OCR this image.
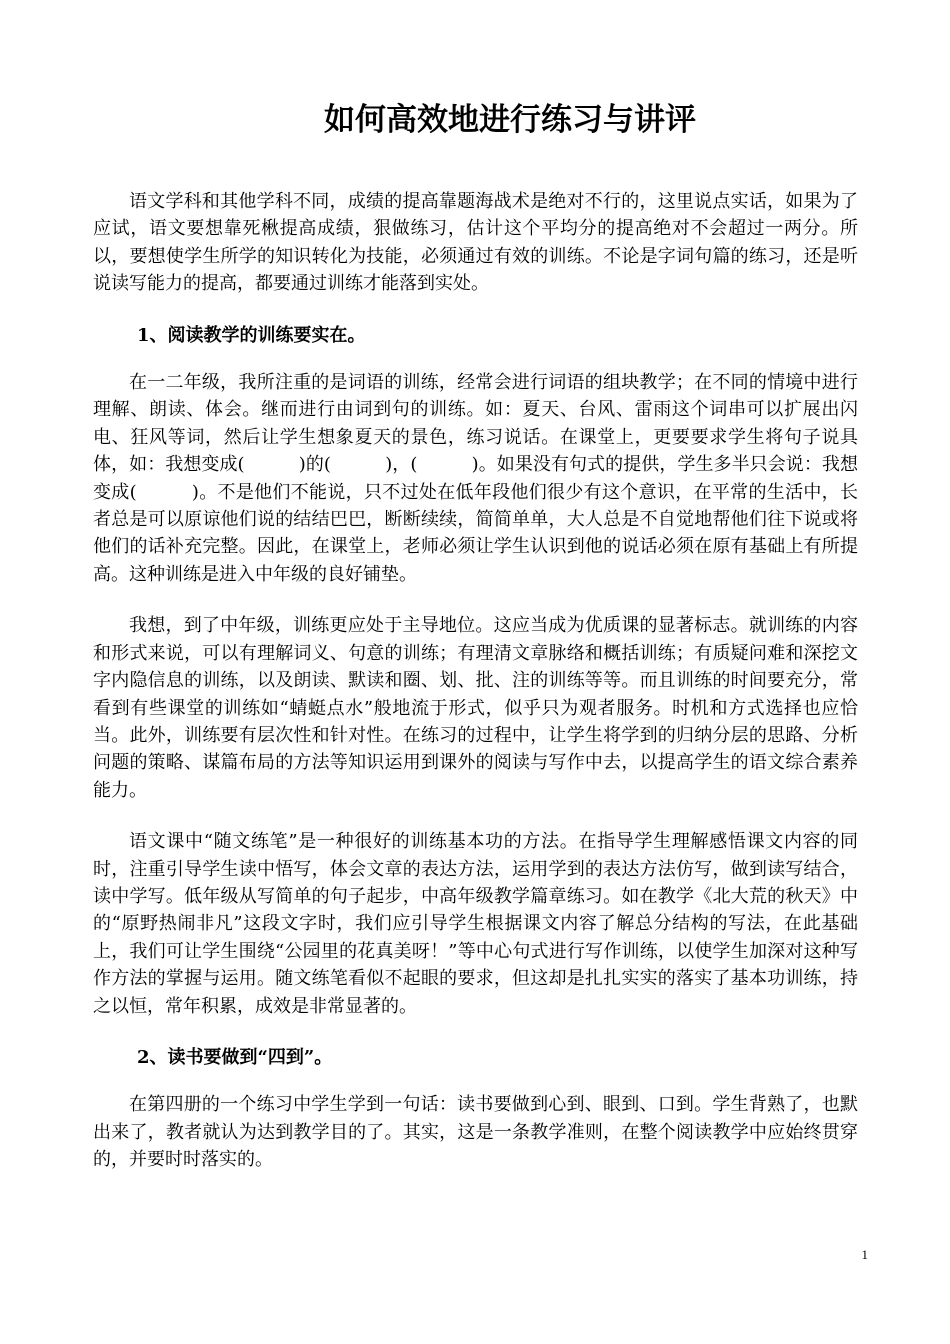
如何高效地进行练习与讲评

语文学科和其他学科不同，成绩的提高靠题海战术是绝对不行的，这里说点实话，如果为了应试，语文要想靠死楸提高成绩，狠做练习，估计这个平均分的提高绝对不会超过一两分。所以，要想使学生所学的知识转化为技能，必须通过有效的训练。不论是字词句篇的练习，还是听说读写能力的提高，都要通过训练才能落到实处。

1、阅读教学的训练要实在。

在一二年级，我所注重的是词语的训练，经常会进行词语的组块教学；在不同的情境中进行理解、朗读、体会。继而进行由词到句的训练。如：夏天、台风、雷雨这个词串可以扩展出闪电、狂风等词，然后让学生想象夏天的景色，练习说话。在课堂上，更要要求学生将句子说具体，如：我想变成(　　　)的(　　　)，(　　　)。如果没有句式的提供，学生多半只会说：我想变成(　　　)。不是他们不能说，只不过处在低年段他们很少有这个意识，在平常的生活中，长者总是可以原谅他们说的结结巴巴，断断续续，简简单单，大人总是不自觉地帮他们往下说或将他们的话补充完整。因此，在课堂上，老师必须让学生认识到他的说话必须在原有基础上有所提高。这种训练是进入中年级的良好铺垫。

我想，到了中年级，训练更应处于主导地位。这应当成为优质课的显著标志。就训练的内容和形式来说，可以有理解词义、句意的训练；有理清文章脉络和概括训练；有质疑问难和深挖文字内隐信息的训练，以及朗读、默读和圈、划、批、注的训练等等。而且训练的时间要充分，常看到有些课堂的训练如“蜻蜓点水”般地流于形式，似乎只为观者服务。时机和方式选择也应恰当。此外，训练要有层次性和针对性。在练习的过程中，让学生将学到的归纳分层的思路、分析问题的策略、谋篇布局的方法等知识运用到课外的阅读与写作中去，以提高学生的语文综合素养能力。

语文课中“随文练笔”是一种很好的训练基本功的方法。在指导学生理解感悟课文内容的同时，注重引导学生读中悟写，体会文章的表达方法，运用学到的表达方法仿写，做到读写结合，读中学写。低年级从写简单的句子起步，中高年级教学篇章练习。如在教学《北大荒的秋天》中的“原野热闹非凡”这段文字时，我们应引导学生根据课文内容了解总分结构的写法，在此基础上，我们可让学生围绕“公园里的花真美呀！”等中心句式进行写作训练，以使学生加深对这种写作方法的掌握与运用。随文练笔看似不起眼的要求，但这却是扎扎实实的落实了基本功训练，持之以恒，常年积累，成效是非常显著的。

2、读书要做到“四到”。

在第四册的一个练习中学生学到一句话：读书要做到心到、眼到、口到。学生背熟了，也默出来了，教者就认为达到教学目的了。其实，这是一条教学准则，在整个阅读教学中应始终贯穿的，并要时时落实的。

1
